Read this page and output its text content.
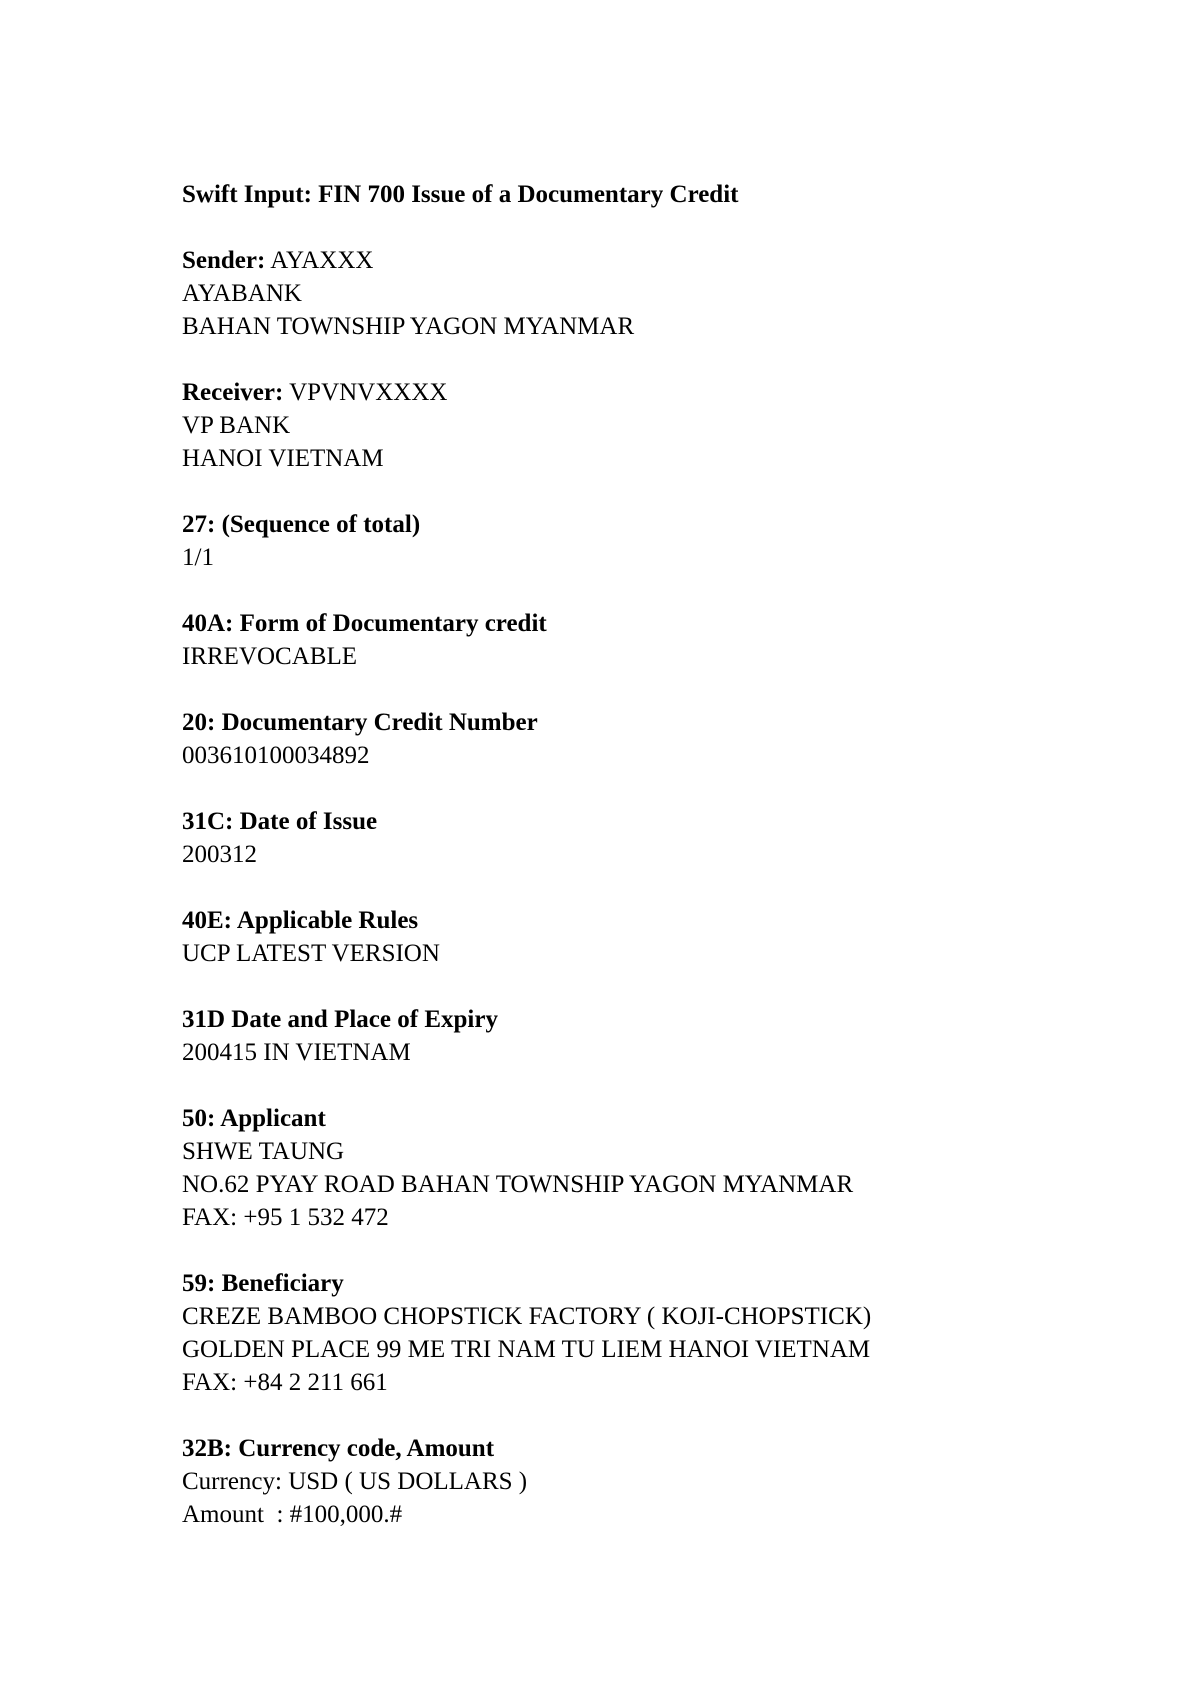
Swift Input: FIN 700 Issue of a Documentary Credit
Sender: AYAXXX
AYABANK
BAHAN TOWNSHIP YAGON MYANMAR
Receiver: VPVNVXXXX
VP BANK
HANOI VIETNAM
27: (Sequence of total)
1/1
40A: Form of Documentary credit
IRREVOCABLE
20: Documentary Credit Number
003610100034892
31C: Date of Issue
200312
40E: Applicable Rules
UCP LATEST VERSION
31D Date and Place of Expiry
200415 IN VIETNAM
50: Applicant
SHWE TAUNG
NO.62 PYAY ROAD BAHAN TOWNSHIP YAGON MYANMAR
FAX: +95 1 532 472
59: Beneficiary
CREZE BAMBOO CHOPSTICK FACTORY ( KOJI-CHOPSTICK)
GOLDEN PLACE 99 ME TRI NAM TU LIEM HANOI VIETNAM
FAX: +84 2 211 661
32B: Currency code, Amount
Currency: USD ( US DOLLARS )
Amount  : #100,000.#
